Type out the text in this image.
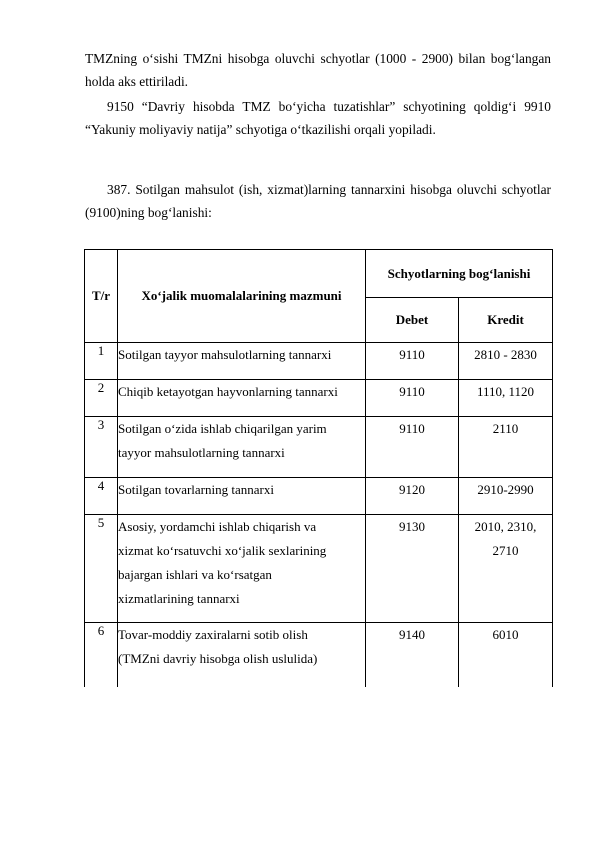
TMZning o‘sishi TMZni hisobga oluvchi schyotlar (1000 - 2900) bilan bog‘langan holda aks ettiriladi.

9150 “Davriy hisobda TMZ bo‘yicha tuzatishlar” schyotining qoldig‘i 9910 “Yakuniy moliyaviy natija” schyotiga o‘tkazilishi orqali yopiladi.

387. Sotilgan mahsulot (ish, xizmat)larning tannarxini hisobga oluvchi schyotlar (9100)ning bog‘lanishi:

T/r	Xo‘jalik muomalalarining mazmuni	Schyotlarning bog‘lanishi	
		Debet	Kredit
1	Sotilgan tayyor mahsulotlarning tannarxi	9110	2810 - 2830

2	Chiqib ketayotgan hayvonlarning tannarxi	9110	1110, 1120

3	Sotilgan o‘zida ishlab chiqarilgan yarim
tayyor mahsulotlarning tannarxi	9110	2110

4	Sotilgan tovarlarning tannarxi	9120	2910-2990

5	Asosiy, yordamchi ishlab chiqarish va
xizmat ko‘rsatuvchi xo‘jalik sexlarining
bajargan ishlari va ko‘rsatgan
xizmatlarining tannarxi	9130	2010, 2310,
2710

6	Tovar-moddiy zaxiralarni sotib olish
(TMZni davriy hisobga olish uslulida)	9140	6010
